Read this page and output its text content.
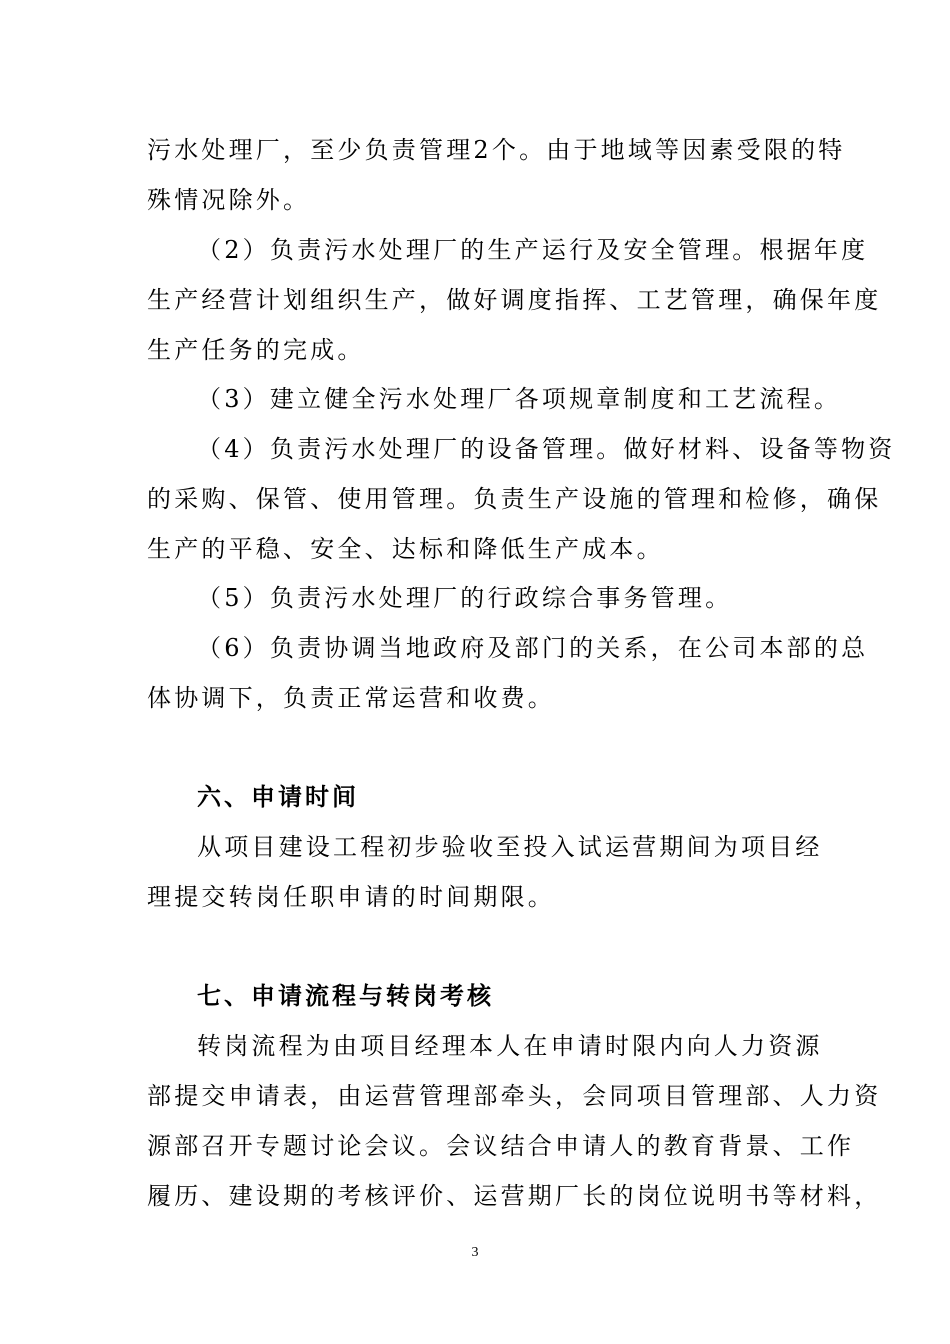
污水处理厂，至少负责管理2个。由于地域等因素受限的特
殊情况除外。
（2）负责污水处理厂的生产运行及安全管理。根据年度
生产经营计划组织生产，做好调度指挥、工艺管理，确保年度
生产任务的完成。
（3）建立健全污水处理厂各项规章制度和工艺流程。
（4）负责污水处理厂的设备管理。做好材料、设备等物资
的采购、保管、使用管理。负责生产设施的管理和检修，确保
生产的平稳、安全、达标和降低生产成本。
（5）负责污水处理厂的行政综合事务管理。
（6）负责协调当地政府及部门的关系，在公司本部的总
体协调下，负责正常运营和收费。
六、申请时间
从项目建设工程初步验收至投入试运营期间为项目经
理提交转岗任职申请的时间期限。
七、申请流程与转岗考核
转岗流程为由项目经理本人在申请时限内向人力资源
部提交申请表，由运营管理部牵头，会同项目管理部、人力资
源部召开专题讨论会议。会议结合申请人的教育背景、工作
履历、建设期的考核评价、运营期厂长的岗位说明书等材料，
3
